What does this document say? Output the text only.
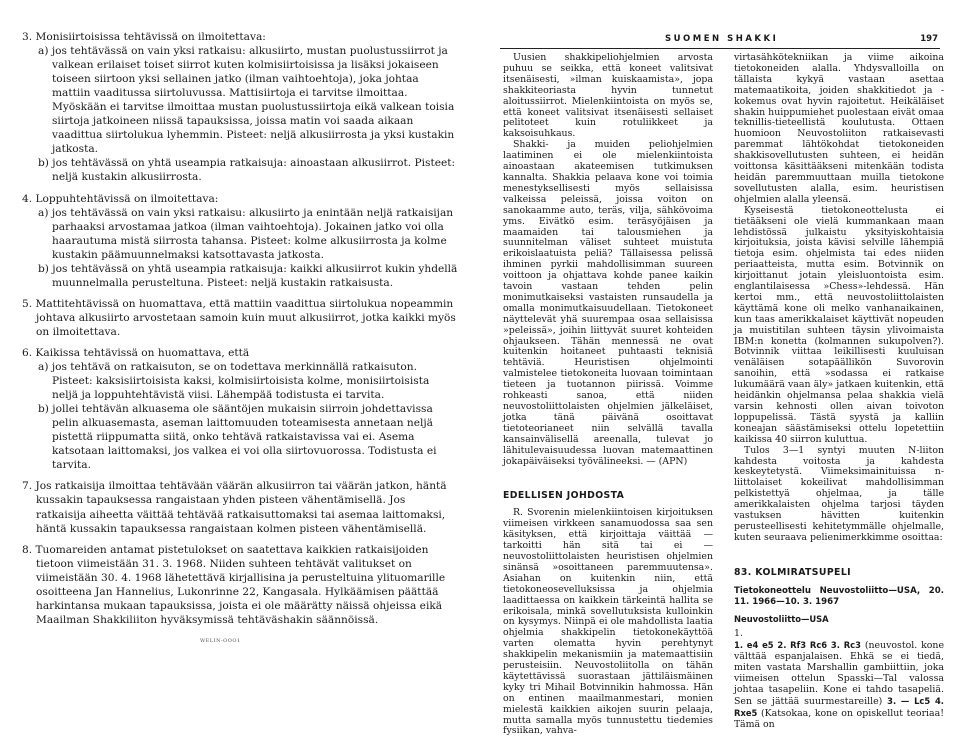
3. Monisiirtoisissa tehtävissä on ilmoitettava:

a) jos tehtävässä on vain yksi ratkaisu: alkusiirto, mustan puolustussiirrot ja valkean erilaiset toiset siirrot kuten kolmisiirtoisissa ja lisäksi jokaiseen toiseen siirtoon yksi sellainen jatko (ilman vaihtoehtoja), joka johtaa mattiin vaaditussa siirtoluvussa. Mattisiirtoja ei tarvitse ilmoittaa. Myöskään ei tarvitse ilmoittaa mustan puolustussiirtoja eikä valkean toisia siirtoja jatkoineen niissä tapauksissa, joissa matin voi saada aikaan vaadittua siirtolukua lyhemmin. Pisteet: neljä alkusiirrosta ja yksi kustakin jatkosta.

b) jos tehtävässä on yhtä useampia ratkaisuja: ainoastaan alkusiirrot. Pisteet: neljä kustakin alkusiirrosta.

4. Loppuhtehtävissä on ilmoitettava:

a) jos tehtävässä on vain yksi ratkaisu: alkusiirto ja enintään neljä ratkaisijan parhaaksi arvostamaa jatkoa (ilman vaihtoehtoja). Jokainen jatko voi olla haarautuma mistä siirrosta tahansa. Pisteet: kolme alkusiirrosta ja kolme kustakin päämuunnelmaksi katsottavasta jatkosta.

b) jos tehtävässä on yhtä useampia ratkaisuja: kaikki alkusiirrot kukin yhdellä muunnelmalla perusteltuna. Pisteet: neljä kustakin ratkaisusta.

5. Mattitehtävissä on huomattava, että mattiin vaadittua siirtolukua nopeammin johtava alkusiirto arvostetaan samoin kuin muut alkusiirrot, jotka kaikki myös on ilmoitettava.

6. Kaikissa tehtävissä on huomattava, että

a) jos tehtävä on ratkaisuton, se on todettava merkinnällä ratkaisuton. Pisteet: kaksisiirtoisista kaksi, kolmisiirtoisista kolme, monisiirtoisista neljä ja loppuhtehtävistä viisi. Lähempää todistusta ei tarvita.

b) jollei tehtävän alkuasema ole sääntöjen mukaisin siirroin johdettavissa pelin alkuasemasta, aseman laittomuuden toteamisesta annetaan neljä pistettä riippumatta siitä, onko tehtävä ratkaistavissa vai ei. Asema katsotaan laittomaksi, jos valkea ei voi olla siirtovuorossa. Todistusta ei tarvita.

7. Jos ratkaisija ilmoittaa tehtävään väärän alkusiirron tai väärän jatkon, häntä kussakin tapauksessa rangaistaan yhden pisteen vähentämisellä. Jos ratkaisija aiheetta väittää tehtävää ratkaisuttomaksi tai asemaa laittomaksi, häntä kussakin tapauksessa rangaistaan kolmen pisteen vähentämisellä.

8. Tuomareiden antamat pistetulokset on saatettava kaikkien ratkaisijoiden tietoon viimeistään 31. 3. 1968. Niiden suhteen tehtävät valitukset on viimeistään 30. 4. 1968 lähetettävä kirjallisina ja perusteltuina ylituomarille osoitteena Jan Hannelius, Lukonrinne 22, Kangasala. Hylkäämisen päättää harkintansa mukaan tapauksissa, joista ei ole määrätty näissä ohjeissa eikä Maailman Shakkiliiton hyväksymissä tehtäväshakin säännöissä.

WELIN-OOO1
SUOMEN SHAKKI	197

Uusien shakkipeliohjelmien arvosta puhuu se seikka, että koneet valitsivat itsenäisesti, »ilman kuiskaamista», jopa shakkiteoriasta hyvin tunnetut aloitussiirrot. Mielenkiintoista on myös se, että koneet valitsivat itsenäisesti sellaiset pelitoteet kuin rotuliikkeet ja kaksoisuhkaus.

Shakki- ja muiden peliohjelmien laatiminen ei ole mielenkiintoista ainoastaan akateemisen tutkimuksen kannalta. Shakkia pelaava kone voi toimia menestyksellisesti myös sellaisissa valkeissa peleissä, joissa voiton on sanokaamme auto, teräs, vilja, sähkövoima yms. Eivätkö esim. teräsyöjäisen ja maamaiden tai talousmiehen ja suunnitelman väliset suhteet muistuta erikoislaatuista peliä? Tällaisessa pelissä ihminen pyrkii mahdollisimman suureen voittoon ja ohjattava kohde panee kaikin tavoin vastaan tehden pelin monimutkaiseksi vastaisten runsaudella ja omalla monimutkaisuudellaan. Tietokoneet näyttelevät yhä suurempaa osaa sellaisissa »peleissä», joihin liittyvät suuret kohteiden ohjaukseen. Tähän mennessä ne ovat kuitenkin hoitaneet puhtaasti teknisiä tehtäviä. Heuristisen ohjelmointi valmistelee tietokoneita luovaan toimintaan tieteen ja tuotannon piirissä. Voimme rohkeasti sanoa, että niiden neuvostoliittolaisten ohjelmien jälkeläiset, jotka tänä päivänä osoittavat tietoteorianeet niin selvällä tavalla kansainvälisellä areenalla, tulevat jo lähitulevaisuudessa luovan matemaattinen jokapäiväiseksi työvälineeksi. — (APN)

EDELLISEN JOHDOSTA

R. Svorenin mielenkiintoisen kirjoituksen viimeisen virkkeen sanamuodossa saa sen käsityksen, että kirjoittaja väittää — tarkoitti hän sitä tai ei — neuvostoliittolaisten heuristisen ohjelmien sinänsä »osoittaneen paremmuutensa». Asiahan on kuitenkin niin, että tietokoneosevelluksissa ja ohjelmia laadittaessa on kaikkein tärkeintä hallita se erikoisala, minkä sovellutuksista kulloinkin on kysymys. Niinpä ei ole mahdollista laatia ohjelmia shakkipelin tietokonekäyttöä varten olematta hyvin perehtynyt shakkipelin mekanismiin ja matemaattisiin perusteisiin. Neuvostoliitolla on tähän käytettävissä suorastaan jättiläismäinen kyky tri Mihail Botvinnikin hahmossa. Hän on entinen maailmanmestari, monien mielestä kaikkien aikojen suurin pelaaja, mutta samalla myös tunnustettu tiedemies fysiikan, vahva-

virtasähkötekniikan ja viime aikoina tietokoneiden alalla. Yhdysvalloilla on tällaista kykyä vastaan asettaa matemaatikoita, joiden shakkitiedot ja -kokemus ovat hyvin rajoitetut. Heikäläiset shakin huippumiehet puolestaan eivät omaa teknillis-tieteellistä koulutusta. Ottaen huomioon Neuvostoliiton ratkaisevasti paremmat lähtökohdat tietokoneiden shakkisovellutusten suhteen, ei heidän voittonsa käsittääkseni mitenkään todista heidän paremmuuttaan muilla tietokone sovellutusten alalla, esim. heuristisen ohjelmien alalla yleensä.

Kyseisestä tietokoneottelusta ei tietääkseni ole vielä kummankaan maan lehdistössä julkaistu yksityiskohtaisia kirjoituksia, joista kävisi selville lähempiä tietoja esim. ohjelmista tai edes niiden periaatteista, mutta esim. Botvinnik on kirjoittanut jotain yleisluontoista esim. englantilaisessa »Chess»-lehdessä. Hän kertoi mm., että neuvostoliittolaisten käyttämä kone oli melko vanhanaikainen, kun taas amerikkalaiset käyttivät nopeuden ja muistitilan suhteen täysin ylivoimaista IBM:n konetta (kolmannen sukupolven?). Botvinnik viittaa leikillisesti kuuluisan venäläisen sotapäällikön Suvorovin sanoihin, että »sodassa ei ratkaise lukumäärä vaan äly» jatkaen kuitenkin, että heidänkin ohjelmansa pelaa shakkia vielä varsin kehnosti ollen aivan toivoton loppupelissä. Tästä syystä ja kalliin koneajan säästämiseksi ottelu lopetettiin kaikissa 40 siirron kuluttua.

Tulos 3—1 syntyi muuten N-liiton kahdesta voitosta ja kahdesta keskeytetystä. Viimeksimainituissa n-liittolaiset kokeilivat mahdollisimman pelkistettyä ohjelmaa, ja tälle amerikkalaisten ohjelma tarjosi täyden vastuksen hävitten kuitenkin perusteellisesti kehitetymmälle ohjelmalle, kuten seuraava pelienimerkkimme osoittaa:

83. KOLMIRATSUPELI
Tietokoneottelu Neuvostoliitto—USA, 20. 11. 1966—10. 3. 1967
Neuvostoliitto—USA

1.
1. e4 e5 2. Rf3 Rc6 3. Rc3 (neuvostol. kone välttää espanjalaisen. Ehkä se ei tiedä, miten vastata Marshallin gambiittiin, joka viimeisen ottelun Spasski—Tal valossa johtaa tasapeliin. Kone ei tahdo tasapeliä. Sen se jättää suurmestareille) 3. — Lc5 4. Rxe5 (Katsokaa, kone on opiskellut teoriaa! Tämä on
